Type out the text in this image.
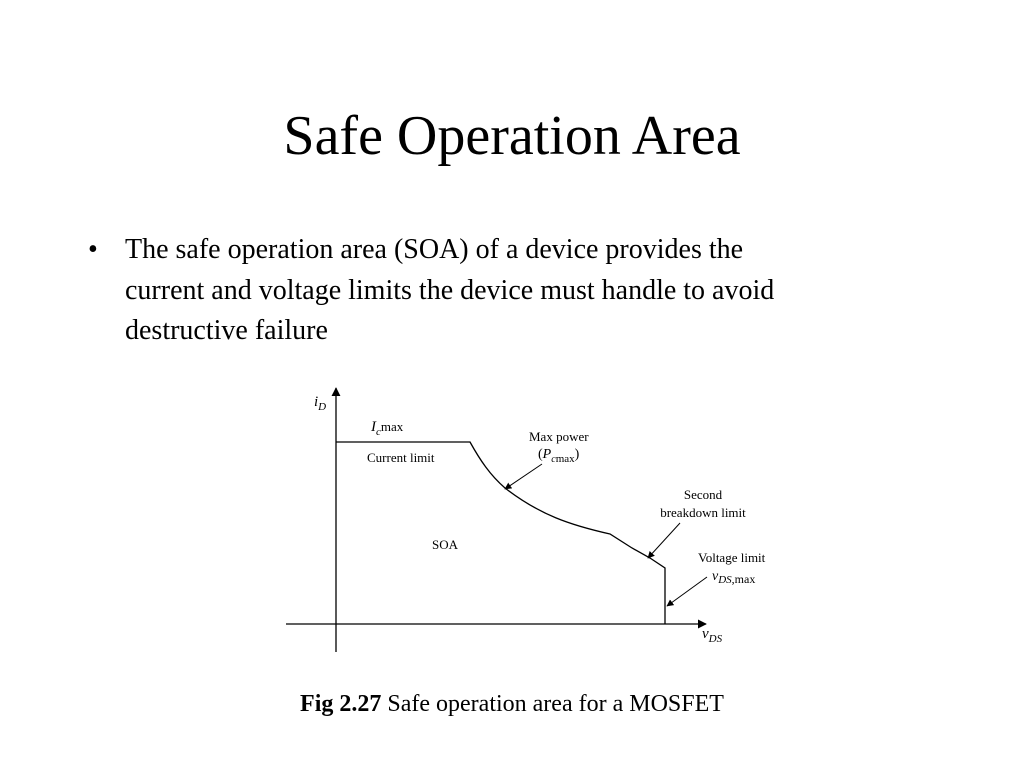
Safe Operation Area
• The safe operation area (SOA) of a device provides the
current and voltage limits the device must handle to avoid
destructive failure
$i_D$
$v_{DS}$
$I_c\max$
Current limit
Max power
$(P_c\max)$
Second
breakdown limit
Voltage limit
$v_{DS},\max$
SOA
Fig 2.27 Safe operation area for a MOSFET
